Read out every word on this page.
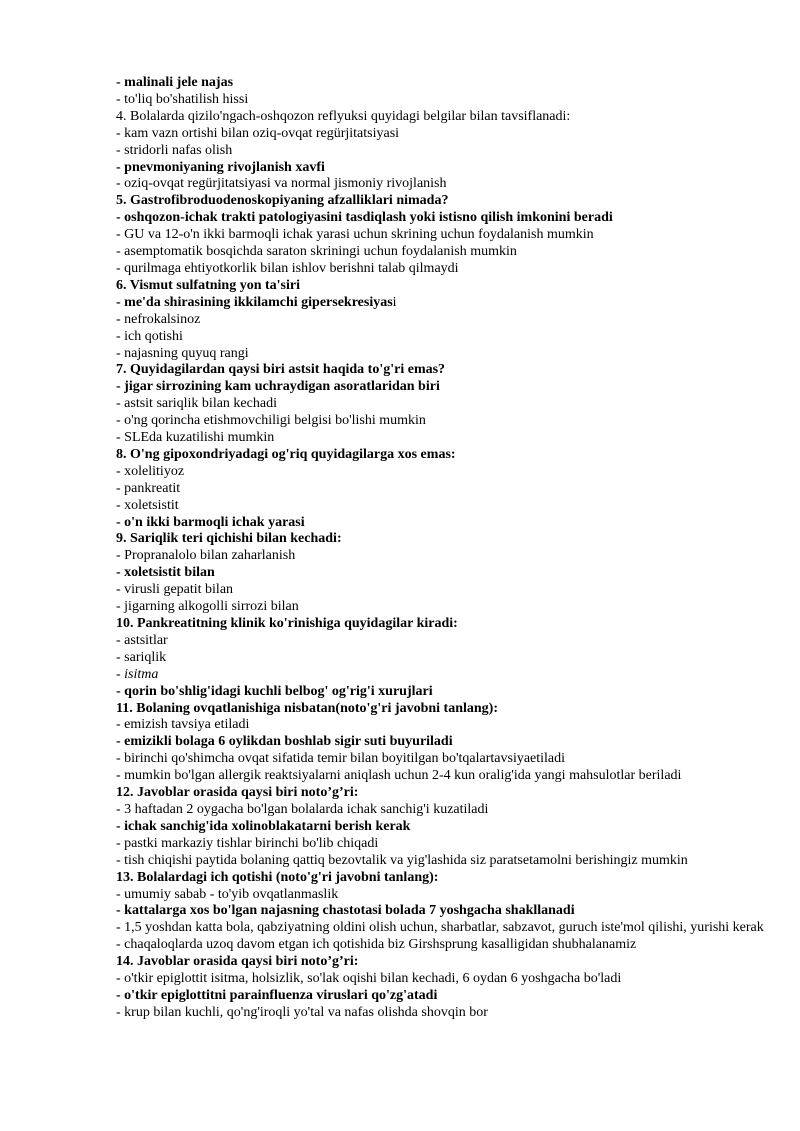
- malinali jele najas
- to'liq bo'shatilish hissi
4. Bolalarda qizilo'ngach-oshqozon reflyuksi quyidagi belgilar bilan tavsiflanadi:
- kam vazn ortishi bilan oziq-ovqat regürjitatsiyasi
- stridorli nafas olish
- pnevmoniyaning rivojlanish xavfi
- oziq-ovqat regürjitatsiyasi va normal jismoniy rivojlanish
5. Gastrofibroduodenoskopiyaning afzalliklari nimada?
- oshqozon-ichak trakti patologiyasini tasdiqlash yoki istisno qilish imkonini beradi
- GU va 12-o'n ikki barmoqli ichak yarasi uchun skrining uchun foydalanish mumkin
- asemptomatik bosqichda saraton skriningi uchun foydalanish mumkin
- qurilmaga ehtiyotkorlik bilan ishlov berishni talab qilmaydi
6. Vismut sulfatning yon ta'siri
- me'da shirasining ikkilamchi gipersekresiyasi
- nefrokalsinoz
- ich qotishi
- najasning quyuq rangi
7. Quyidagilardan qaysi biri astsit haqida to'g'ri emas?
- jigar sirrozining kam uchraydigan asoratlaridan biri
- astsit sariqlik bilan kechadi
- o'ng qorincha etishmovchiligi belgisi bo'lishi mumkin
- SLEda kuzatilishi mumkin
8. O'ng gipoxondriyadagi og'riq quyidagilarga xos emas:
- xolelitiyoz
- pankreatit
- xoletsistit
- o'n ikki barmoqli ichak yarasi
9. Sariqlik teri qichishi bilan kechadi:
- Propranalolo bilan zaharlanish
- xoletsistit bilan
- virusli gepatit bilan
- jigarning alkogolli sirrozi bilan
10. Pankreatitning klinik ko'rinishiga quyidagilar kiradi:
- astsitlar
- sariqlik
- isitma
- qorin bo'shlig'idagi kuchli belbog' og'rig'i xurujlari
11. Bolaning ovqatlanishiga nisbatan(noto'g'ri javobni tanlang):
- emizish tavsiya etiladi
- emizikli bolaga 6 oylikdan boshlab sigir suti buyuriladi
- birinchi qo'shimcha ovqat sifatida temir bilan boyitilgan bo'tqalartavsiyaetiladi
- mumkin bo'lgan allergik reaktsiyalarni aniqlash uchun 2-4 kun oralig'ida yangi mahsulotlar beriladi
12. Javoblar orasida qaysi biri noto’g’ri:
- 3 haftadan 2 oygacha bo'lgan bolalarda ichak sanchig'i kuzatiladi
- ichak sanchig'ida xolinoblakatarni berish kerak
- pastki markaziy tishlar birinchi bo'lib chiqadi
- tish chiqishi paytida bolaning qattiq bezovtalik va yig'lashida siz paratsetamolni berishingiz mumkin
13. Bolalardagi ich qotishi (noto'g'ri javobni tanlang):
- umumiy sabab - to'yib ovqatlanmaslik
- kattalarga xos bo'lgan najasning chastotasi bolada 7 yoshgacha shakllanadi
- 1,5 yoshdan katta bola, qabziyatning oldini olish uchun, sharbatlar, sabzavot, guruch iste'mol qilishi, yurishi kerak
- chaqaloqlarda uzoq davom etgan ich qotishida biz Girshsprung kasalligidan shubhalanamiz
14. Javoblar orasida qaysi biri noto’g’ri:
- o'tkir epiglottit isitma, holsizlik, so'lak oqishi bilan kechadi, 6 oydan 6 yoshgacha bo'ladi
- o'tkir epiglottitni parainfluenza viruslari qo'zg'atadi
- krup bilan kuchli, qo'ng'iroqli yo'tal va nafas olishda shovqin bor
